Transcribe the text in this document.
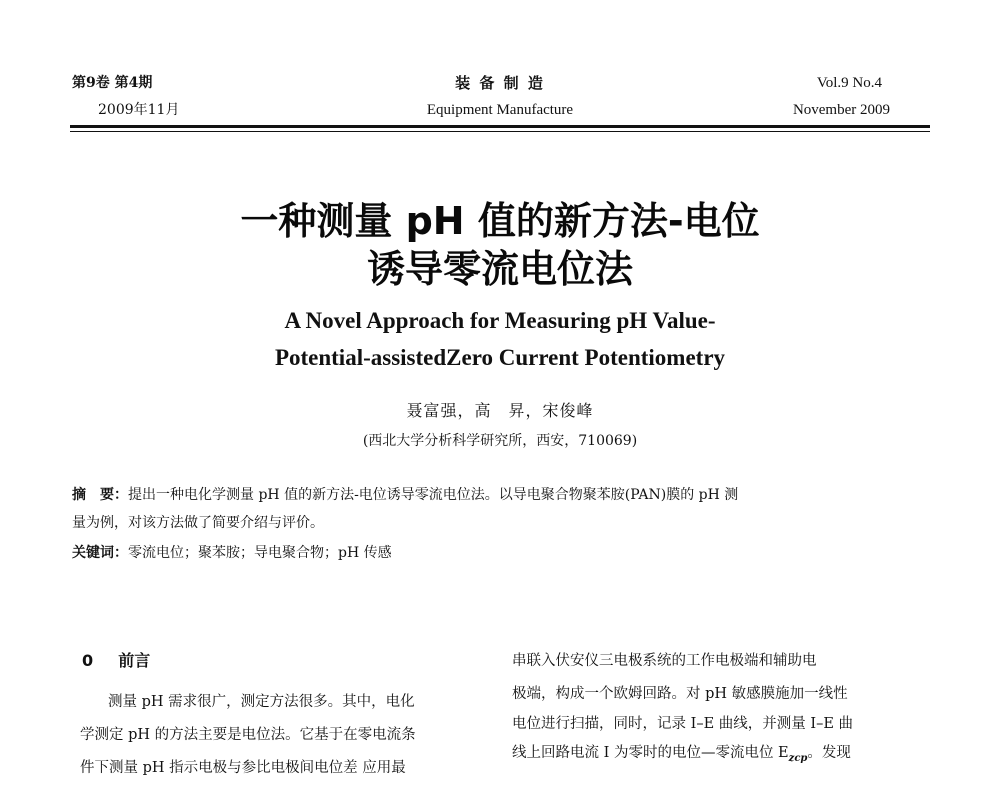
第9卷 第4期
2009年11月
装 备 制 造
Equipment Manufacture
Vol.9 No.4
November 2009
一种测量 pH 值的新方法-电位
诱导零流电位法
A Novel Approach for Measuring pH Value-
Potential-assistedZero Current Potentiometry
聂富强，高　昇，宋俊峰
(西北大学分析科学研究所，西安，710069)
摘　要：提出一种电化学测量 pH 值的新方法-电位诱导零流电位法。以导电聚合物聚苯胺(PAN)膜的 pH 测
量为例，对该方法做了简要介绍与评价。
关键词：零流电位；聚苯胺；导电聚合物；pH 传感
0 前言
测量 pH 需求很广，测定方法很多。其中，电化
学测定 pH 的方法主要是电位法。它基于在零电流条
件下测量 pH 指示电极与参比电极间电位差 应用最
串联入伏安仪三电极系统的工作电极端和辅助电
极端，构成一个欧姆回路。对 pH 敏感膜施加一线性
电位进行扫描，同时，记录 I–E 曲线，并测量 I–E 曲
线上回路电流 I 为零时的电位—零流电位 $E_{zcp}$。发现
